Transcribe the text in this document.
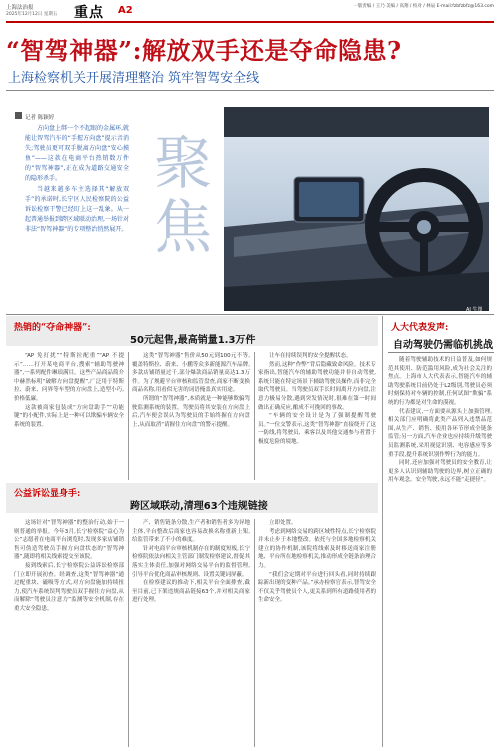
上海法治报
2025年12月12日 星期五 重点 A2	一版责编 / 王乃 美编 / 高翔 / 校对 / 林辰 E-mail:fzbfzbfz@163.com
“智驾神器”:解放双手还是夺命隐患?
上海检察机关开展清理整治 筑牢智驾安全线
记者 陈颖婷

方向盘上绑一个不起眼的金属环,就能让智驾汽车的“手握方向盘”提示音消失;驾驶员更可双手脱离方向盘“安心摸鱼”——这款在电商平台热销数万件的“智驾神器”,正在成为道路交通安全的隐形杀手。

当越来越多车主选择其“解放双手”的承诺时,长宁区人民检察院的公益诉讼检察干警已经盯上这一乱象。从一起普通举报到跨区域联动治理,一场针对非法“智驾神器”的专项整治悄然展开。

聚
焦
AI 生图
热销的“夺命神器”:
50元起售,最高销量1.3万件

“AP 免打扰”“特斯拉配重”“AP 不提示”……打开某电商平台,搜索“辅助驾驶神器”,一系列配件琳琅满目。这些产品商品简介中赫然标明“破解方向盘提醒”,广泛用于特斯拉、蔚来、问界等车型的方向盘上,造型小巧,价格低廉。

这款被商家包装成“方向盘助手”“功能键”的小配件,实际上是一种可以欺骗车辆安全系统的装置。

这类“智驾神器”售价从50元到100元不等,覆盖特斯拉、蔚来、小鹏等众多新能源汽车品牌,多款店铺销量过千,部分爆款商品销量高达1.3万件。为了规避平台审核和监管盘查,商家不断变换商品名称,用看似无害的词语掩盖真实用途。

所谓的“智驾神器”,本质就是一种能够欺骗驾驶监测系统的装置。驾驶员将其安装在方向盘上后,汽车便会误认为驾驶员的手始终握在方向盘上,从而取消“请握住方向盘”的警示提醒。

让车在持续误判的安全提醒状态。

然而,这种“作弊”背后隐藏致命风险。技术专家指出,智能汽车的辅助驾驶功能并非自动驾驶,系统只能在特定场景下辅助驾驶员操作,而非完全取代驾驶员。当驾驶员双手长时间离开方向盘,注意力极易分散,遇到突发情况时,很难在第一时间做出正确反应,酿成不可挽回的事故。

“车辆的安全设计是为了强制提醒驾驶员。”一位交警表示,这类“智驾神器”直接绕开了这一防线,将驾驶员、乘客以及其他交通参与者置于极度危险的境地。

公益诉讼显身手:
跨区域联动,清理63个违规链接

这场针对“智驾神器”的整治行动,始于一则普通的举报。今年3月,长宁检察院“益心为公”志愿者在电商平台浏览时,发现多家店铺销售可伪造驾驶员手握方向盘状态的“智驾神器”,随即将相关线索提交至该院。

接到线索后,长宁检察院公益诉讼检察部门立即开展初查。经调查,这类“智驾神器”通过配重块、磁吸等方式,对方向盘施加持续扭力,使汽车系统误判驾驶员双手握住方向盘,从而解除“驾驶员注意力”监测等安全机制,存在重大安全隐患。

产、销售链条分散,生产者和销售者多为异地主体,平台整改后商家也容易改换名称重新上架,给监管带来了不小的难度。

针对电商平台审核机制存在的制度短板,长宁检察院依法向相关主管部门制发检察建议,督促其落实主体责任,加强对网络交易平台的监督管理,引导平台优化商品审核规则、设置关键词屏蔽。

在检察建议的推动下,相关平台全面排查,截至目前,已下架违规商品链接63个,并对相关商家进行处理。

立即处置。

考虑到网络交易的跨区域性特点,长宁检察院并未止步于本地整改。依托与全国多地检察机关建立的协作机制,该院将线索及时移送商家注册地、平台所在地检察机关,推动形成全链条治理合力。

“我们会定期对平台进行回头看,同时持续跟踪新出现的变种产品。”承办检察官表示,智驾安全不仅关乎驾驶员个人,更关系到所有道路使用者的生命安全。

人大代表发声:
自动驾驶仍需临机挑战

随着驾驶辅助技术的日益普及,如何规范其使用、防范滥用风险,成为社会关注的焦点。上海市人大代表表示,智能汽车的辅助驾驶系统目前仍处于L2级别,驾驶员必须时刻保持对车辆的控制,任何试图“欺骗”系统的行为都是对生命的漠视。

代表建议,一方面要从源头上加强管理,相关部门应明确将此类产品列入违禁品范围,从生产、销售、使用各环节形成全链条监管;另一方面,汽车企业也应持续升级驾驶员监测系统,采用视觉识别、电容感应等多重手段,提升系统识别作弊行为的能力。

同时,还应加强对驾驶员的安全教育,让更多人认识到辅助驾驶的边界,树立正确的用车观念。安全驾驶,永远不能“走捷径”。
